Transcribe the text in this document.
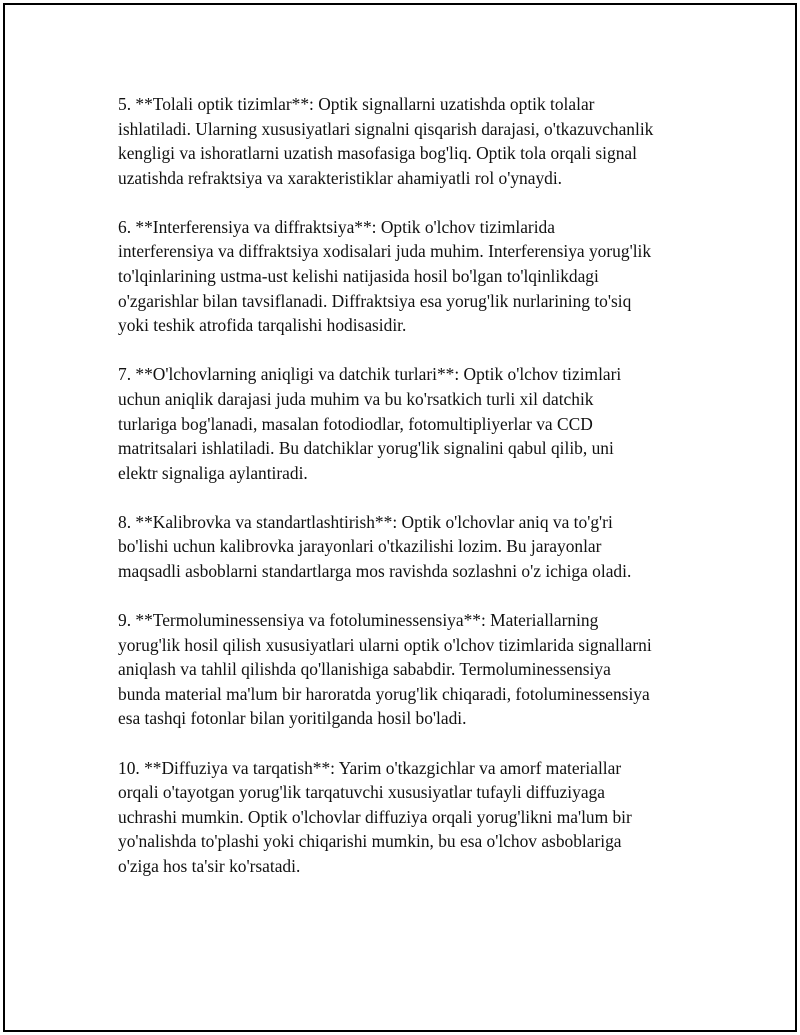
5. **Tolali optik tizimlar**: Optik signallarni uzatishda optik tolalar
ishlatiladi. Ularning xususiyatlari signalni qisqarish darajasi, o'tkazuvchanlik
kengligi va ishoratlarni uzatish masofasiga bog'liq. Optik tola orqali signal
uzatishda refraktsiya va xarakteristiklar ahamiyatli rol o'ynaydi.

6. **Interferensiya va diffraktsiya**: Optik o'lchov tizimlarida
interferensiya va diffraktsiya xodisalari juda muhim. Interferensiya yorug'lik
to'lqinlarining ustma-ust kelishi natijasida hosil bo'lgan to'lqinlikdagi
o'zgarishlar bilan tavsiflanadi. Diffraktsiya esa yorug'lik nurlarining to'siq
yoki teshik atrofida tarqalishi hodisasidir.

7. **O'lchovlarning aniqligi va datchik turlari**: Optik o'lchov tizimlari
uchun aniqlik darajasi juda muhim va bu ko'rsatkich turli xil datchik
turlariga bog'lanadi, masalan fotodiodlar, fotomultipliyerlar va CCD
matritsalari ishlatiladi. Bu datchiklar yorug'lik signalini qabul qilib, uni
elektr signaliga aylantiradi.

8. **Kalibrovka va standartlashtirish**: Optik o'lchovlar aniq va to'g'ri
bo'lishi uchun kalibrovka jarayonlari o'tkazilishi lozim. Bu jarayonlar
maqsadli asboblarni standartlarga mos ravishda sozlashni o'z ichiga oladi.

9. **Termoluminessensiya va fotoluminessensiya**: Materiallarning
yorug'lik hosil qilish xususiyatlari ularni optik o'lchov tizimlarida signallarni
aniqlash va tahlil qilishda qo'llanishiga sababdir. Termoluminessensiya
bunda material ma'lum bir haroratda yorug'lik chiqaradi, fotoluminessensiya
esa tashqi fotonlar bilan yoritilganda hosil bo'ladi.

10. **Diffuziya va tarqatish**: Yarim o'tkazgichlar va amorf materiallar
orqali o'tayotgan yorug'lik tarqatuvchi xususiyatlar tufayli diffuziyaga
uchrashi mumkin. Optik o'lchovlar diffuziya orqali yorug'likni ma'lum bir
yo'nalishda to'plashi yoki chiqarishi mumkin, bu esa o'lchov asboblariga
o'ziga hos ta'sir ko'rsatadi.
